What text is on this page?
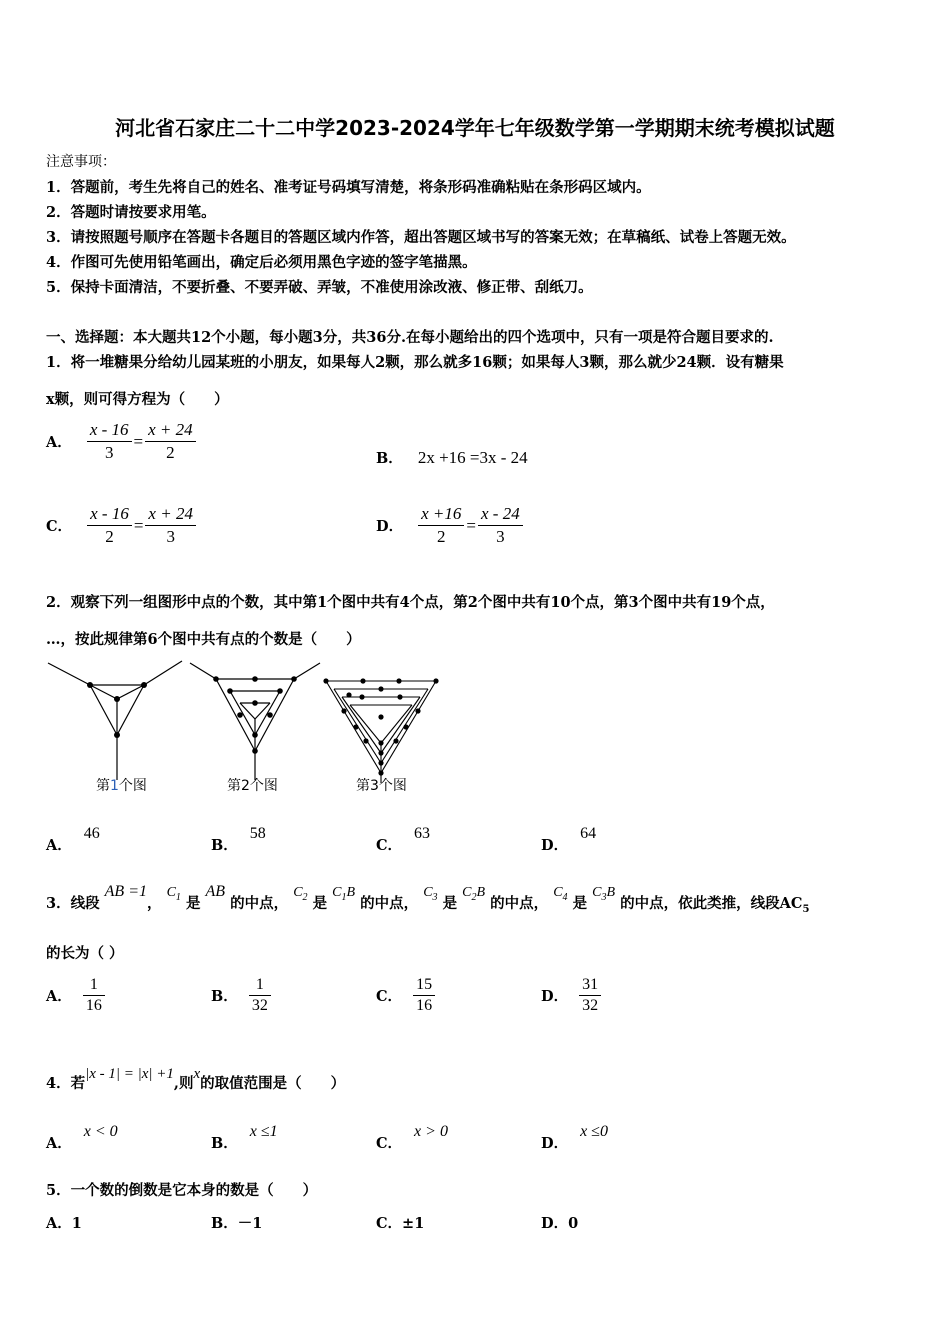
河北省石家庄二十二中学2023-2024学年七年级数学第一学期期末统考模拟试题
注意事项：
1．答题前，考生先将自己的姓名、准考证号码填写清楚，将条形码准确粘贴在条形码区域内。
2．答题时请按要求用笔。
3．请按照题号顺序在答题卡各题目的答题区域内作答，超出答题区域书写的答案无效；在草稿纸、试卷上答题无效。
4．作图可先使用铅笔画出，确定后必须用黑色字迹的签字笔描黑。
5．保持卡面清洁，不要折叠、不要弄破、弄皱，不准使用涂改液、修正带、刮纸刀。
一、选择题：本大题共12个小题，每小题3分，共36分.在每小题给出的四个选项中，只有一项是符合题目要求的.
1．将一堆糖果分给幼儿园某班的小朋友，如果每人2颗，那么就多16颗；如果每人3颗，那么就少24颗．设有糖果
x颗，则可得方程为（　　）
A． $\frac{x - 16}{3} = \frac{x + 24}{2}$	B． 2x +16 =3x - 24
C． $\frac{x - 16}{2} = \frac{x + 24}{3}$	D． $\frac{x +16}{2} = \frac{x - 24}{3}$
2．观察下列一组图形中点的个数，其中第1个图中共有4个点，第2个图中共有10个点，第3个图中共有19个点，
…，按此规律第6个图中共有点的个数是（　　）
第1个图	第2个图	第3个图
A．46
B．58
C．63
D．64
3．线段 AB =1， $C_1$ 是 AB 的中点， $C_2$ 是 $C_1B$ 的中点， $C_3$ 是 $C_2B$ 的中点， $C_4$ 是 $C_3B$ 的中点，依此类推，线段$AC_5$
的长为（ ）
A． $\frac{1}{16}$	B． $\frac{1}{32}$	C． $\frac{15}{16}$	D． $\frac{31}{32}$
4．若|x - 1| = |x| +1,则x的取值范围是（　　）
A．x < 0
B．x ≤1
C．x > 0
D．x ≤0
5．一个数的倒数是它本身的数是（　　）
A．1	B．－1	C．±1	D．0
